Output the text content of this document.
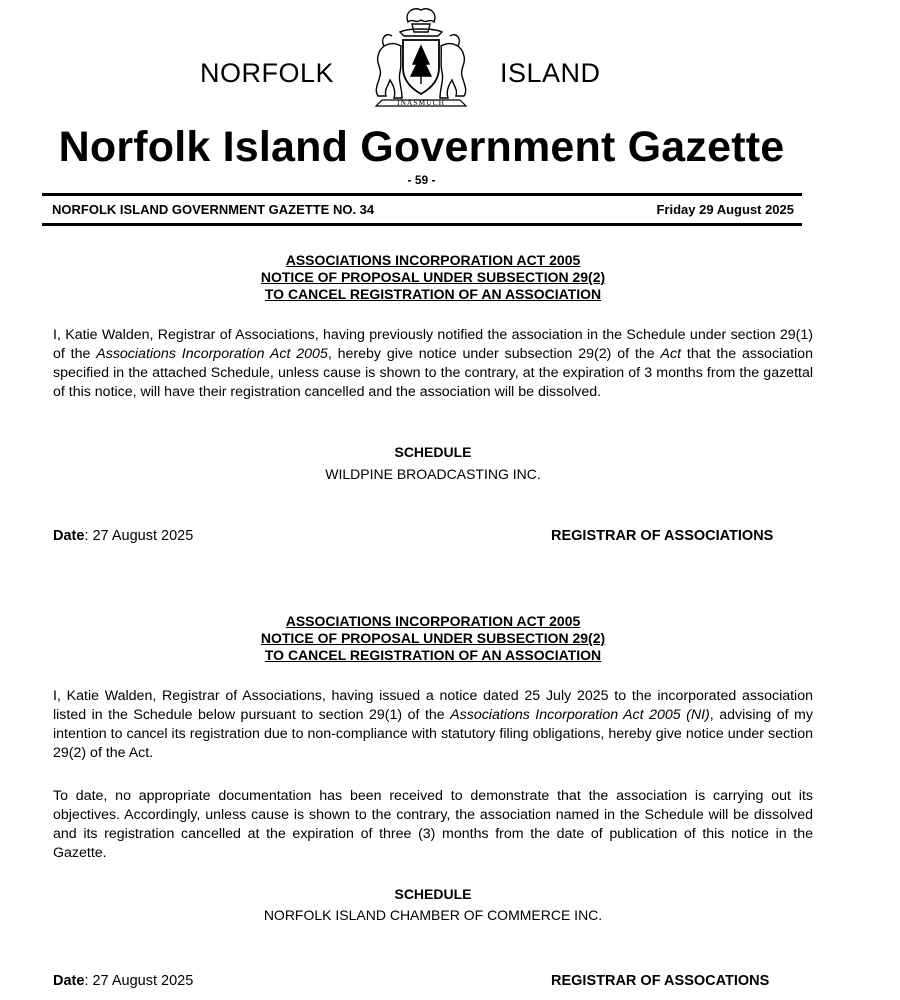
NORFOLK	ISLAND
INASMUCH
Norfolk Island Government Gazette
- 59 -
NORFOLK ISLAND GOVERNMENT GAZETTE NO. 34	Friday 29 August 2025
ASSOCIATIONS INCORPORATION ACT 2005
NOTICE OF PROPOSAL UNDER SUBSECTION 29(2)
TO CANCEL REGISTRATION OF AN ASSOCIATION
I, Katie Walden, Registrar of Associations, having previously notified the association in the Schedule under section 29(1) of the Associations Incorporation Act 2005, hereby give notice under subsection 29(2) of the Act that the association specified in the attached Schedule, unless cause is shown to the contrary, at the expiration of 3 months from the gazettal of this notice, will have their registration cancelled and the association will be dissolved.
SCHEDULE
WILDPINE BROADCASTING INC.
Date: 27 August 2025	REGISTRAR OF ASSOCIATIONS
ASSOCIATIONS INCORPORATION ACT 2005
NOTICE OF PROPOSAL UNDER SUBSECTION 29(2)
TO CANCEL REGISTRATION OF AN ASSOCIATION
I, Katie Walden, Registrar of Associations, having issued a notice dated 25 July 2025 to the incorporated association listed in the Schedule below pursuant to section 29(1) of the Associations Incorporation Act 2005 (NI), advising of my intention to cancel its registration due to non-compliance with statutory filing obligations, hereby give notice under section 29(2) of the Act.
To date, no appropriate documentation has been received to demonstrate that the association is carrying out its objectives. Accordingly, unless cause is shown to the contrary, the association named in the Schedule will be dissolved and its registration cancelled at the expiration of three (3) months from the date of publication of this notice in the Gazette.
SCHEDULE
NORFOLK ISLAND CHAMBER OF COMMERCE INC.
Date: 27 August 2025	REGISTRAR OF ASSOCATIONS
